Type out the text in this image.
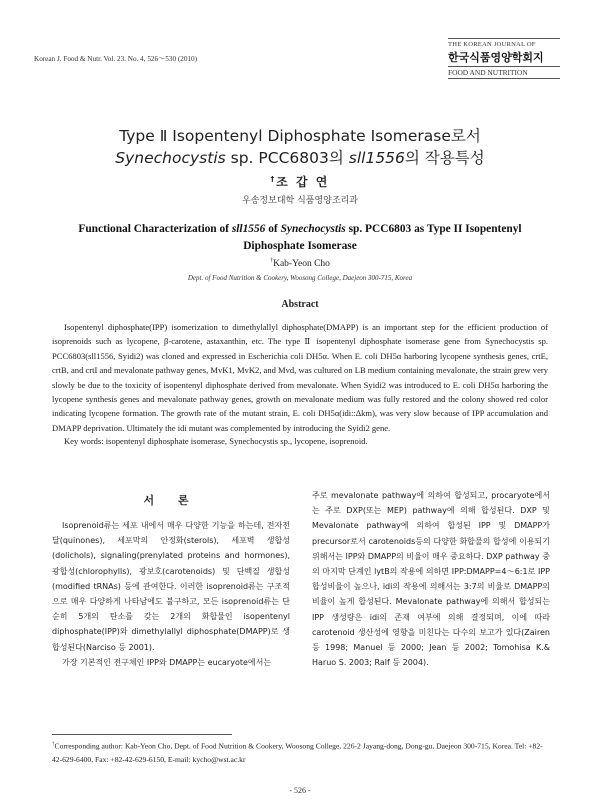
Korean J. Food & Nutr. Vol. 23. No. 4, 526～530 (2010)
THE KOREAN JOURNAL OF
한국식품영양학회지
FOOD AND NUTRITION
Type Ⅱ Isopentenyl Diphosphate Isomerase로서
Synechocystis sp. PCC6803의 sll1556의 작용특성
†조 갑 연
우송정보대학 식품영양조리과
Functional Characterization of sll1556 of Synechocystis sp. PCC6803 as Type II Isopentenyl Diphosphate Isomerase
†Kab-Yeon Cho
Dept. of Food Nutrition & Cookery, Woosong College, Daejeon 300-715, Korea
Abstract

Isopentenyl diphosphate(IPP) isomerization to dimethylallyl diphosphate(DMAPP) is an important step for the efficient production of isoprenoids such as lycopene, β-carotene, astaxanthin, etc. The type Ⅱ isopentenyl diphosphate isomerase gene from Synechocystis sp. PCC6803(sll1556, Syidi2) was cloned and expressed in Escherichia coli DH5α. When E. coli DH5α harboring lycopene synthesis genes, crtE, crtB, and crtI and mevalonate pathway genes, MvK1, MvK2, and Mvd, was cultured on LB medium containing mevalonate, the strain grew very slowly be due to the toxicity of isopentenyl diphosphate derived from mevalonate. When Syidi2 was introduced to E. coli DH5α harboring the lycopene synthesis genes and mevalonate pathway genes, growth on mevalonate medium was fully restored and the colony showed red color indicating lycopene formation. The growth rate of the mutant strain, E. coli DH5α(idi::∆km), was very slow because of IPP accumulation and DMAPP deprivation. Ultimately the idi mutant was complemented by introducing the Syidi2 gene.

Key words: isopentenyl diphosphate isomerase, Synechocystis sp., lycopene, isoprenoid.
서 론

Isoprenoid류는 세포 내에서 매우 다양한 기능을 하는데, 전자전달(quinones), 세포막의 안정화(sterols), 세포벽 생합성(dolichols), signaling(prenylated proteins and hormones), 광합성(chlorophylls), 광보호(carotenoids) 및 단백질 생합성(modified tRNAs) 등에 관여한다. 이러한 isoprenoid류는 구조적으로 매우 다양하게 나타남에도 불구하고, 모든 isoprenoid류는 단순히 5개의 탄소를 갖는 2개의 화합물인 isopentenyl diphosphate(IPP)와 dimethylallyl diphosphate(DMAPP)로 생합성된다(Narciso 등 2001).

가장 기본적인 전구체인 IPP와 DMAPP는 eucaryote에서는

주로 mevalonate pathway에 의하여 합성되고, procaryote에서는 주로 DXP(또는 MEP) pathway에 의해 합성된다. DXP 및 Mevalonate pathway에 의하여 합성된 IPP 및 DMAPP가 precursor로서 carotenoids등의 다양한 화합물의 합성에 이용되기 위해서는 IPP와 DMAPP의 비율이 매우 중요하다. DXP pathway 중의 마지막 단계인 lytB의 작용에 의하면 IPP:DMAPP=4～6:1로 IPP 합성비율이 높으나, idi의 작용에 의해서는 3:7의 비율로 DMAPP의 비율이 높게 합성된다. Mevalonate pathway에 의해서 합성되는 IPP 생성량은 idi의 존재 여부에 의해 결정되며, 이에 따라 carotenoid 생산성에 영향을 미친다는 다수의 보고가 있다(Zairen 등 1998; Manuel 등 2000; Jean 등 2002; Tomohisa K.& Haruo S. 2003; Ralf 등 2004).

†Corresponding author: Kab-Yeon Cho, Dept. of Food Nutrition & Cookery, Woosong College, 226-2 Jayang-dong, Dong-gu, Daejeon 300-715, Korea. Tel: +82-42-629-6400, Fax: +82-42-629-6150, E-mail: kycho@wst.ac.kr
- 526 -
